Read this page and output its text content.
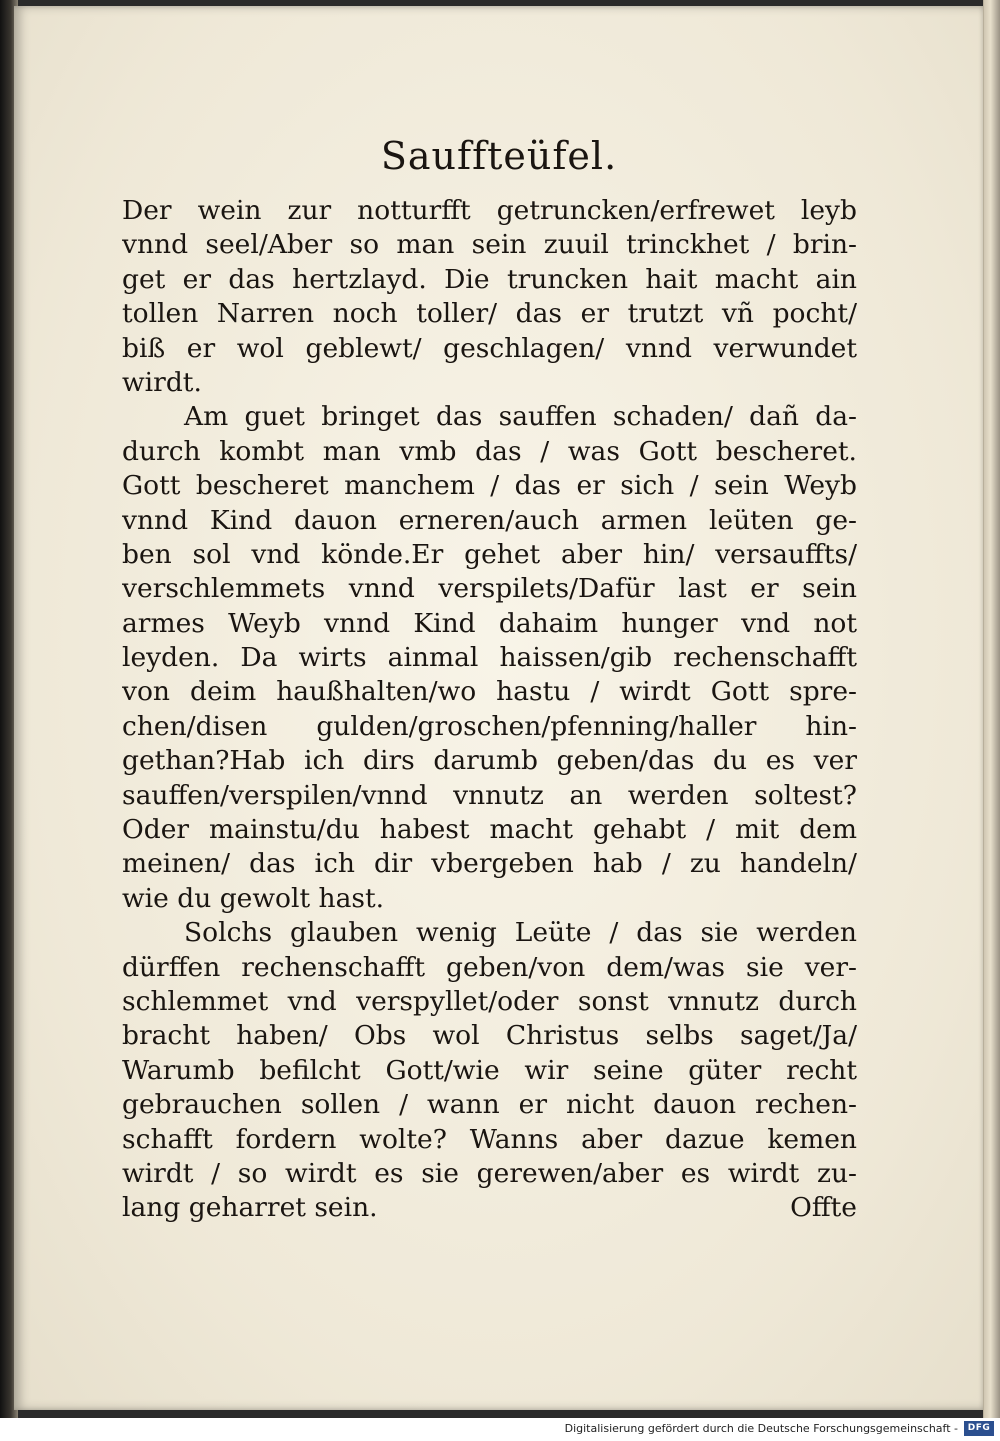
Sauffteüfel.
Der wein zur notturfft getruncken/erfrewet leyb
vnnd seel/Aber so man sein zuuil trinckhet / brin-
get er das hertzlayd. Die truncken hait macht ain
tollen Narren noch toller/ das er trutzt vñ pocht/
biß er wol geblewt/ geschlagen/ vnnd verwundet
wirdt.
Am guet bringet das sauffen schaden/ dañ da-
durch kombt man vmb das / was Gott bescheret.
Gott bescheret manchem / das er sich / sein Weyb
vnnd Kind dauon erneren/auch armen leüten ge-
ben sol vnd könde.Er gehet aber hin/ versauffts/
verschlemmets vnnd verspilets/Dafür last er sein
armes Weyb vnnd Kind dahaim hunger vnd not
leyden. Da wirts ainmal haissen/gib rechenschafft
von deim haußhalten/wo hastu / wirdt Gott spre-
chen/disen gulden/groschen/pfenning/haller hin-
gethan?Hab ich dirs darumb geben/das du es ver
sauffen/verspilen/vnnd vnnutz an werden soltest?
Oder mainstu/du habest macht gehabt / mit dem
meinen/ das ich dir vbergeben hab / zu handeln/
wie du gewolt hast.
Solchs glauben wenig Leüte / das sie werden
dürffen rechenschafft geben/von dem/was sie ver-
schlemmet vnd verspyllet/oder sonst vnnutz durch
bracht haben/ Obs wol Christus selbs saget/Ja/
Warumb befilcht Gott/wie wir seine güter recht
gebrauchen sollen / wann er nicht dauon rechen-
schafft fordern wolte? Wanns aber dazue kemen
wirdt / so wirdt es sie gerewen/aber es wirdt zu-
lang geharret sein.	Offte
Digitalisierung gefördert durch die Deutsche Forschungsgemeinschaft -	DFG
